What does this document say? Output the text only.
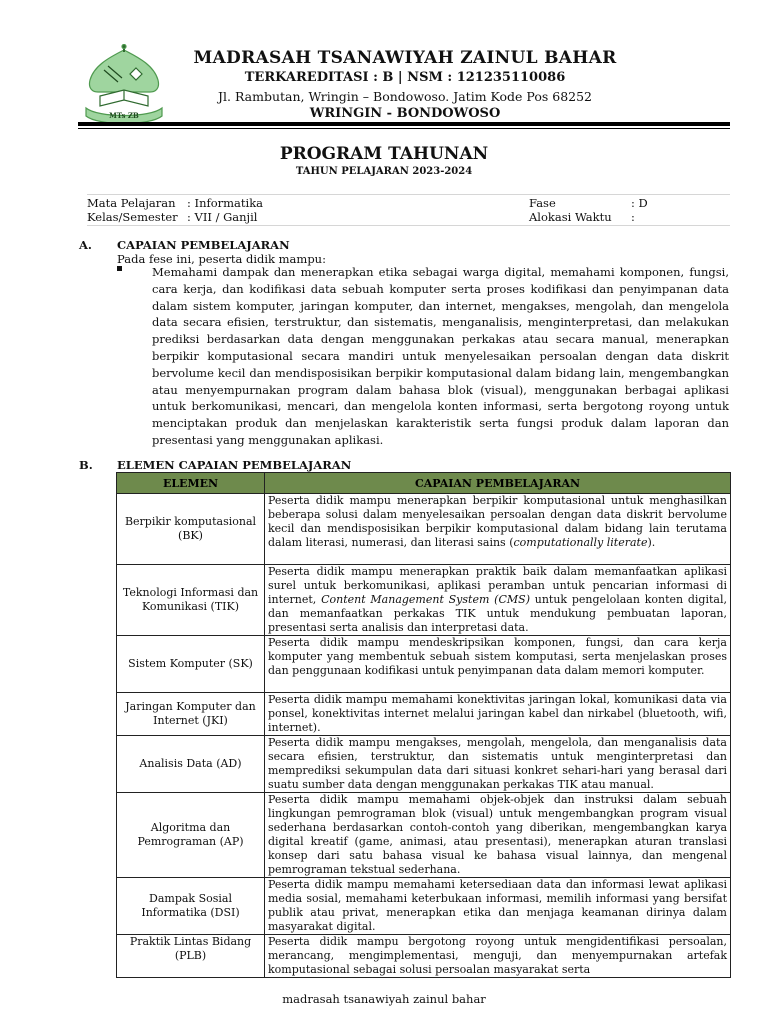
MTs ZB
MADRASAH TSANAWIYAH ZAINUL BAHAR
TERKAREDITASI : B | NSM : 121235110086
Jl. Rambutan, Wringin – Bondowoso. Jatim Kode Pos 68252
WRINGIN - BONDOWOSO
PROGRAM TAHUNAN
TAHUN PELAJARAN 2023-2024
Mata Pelajaran : Informatika	Fase	: D
Kelas/Semester : VII / Ganjil	Alokasi Waktu :
A. CAPAIAN PEMBELAJARAN
Pada fese ini, peserta didik mampu:
Memahami dampak dan menerapkan etika sebagai warga digital, memahami komponen, fungsi, cara kerja, dan kodifikasi data sebuah komputer serta proses kodifikasi dan penyimpanan data dalam sistem komputer, jaringan komputer, dan internet, mengakses, mengolah, dan mengelola data secara efisien, terstruktur, dan sistematis, menganalisis, menginterpretasi, dan melakukan prediksi berdasarkan data dengan menggunakan perkakas atau secara manual, menerapkan berpikir komputasional secara mandiri untuk menyelesaikan persoalan dengan data diskrit bervolume kecil dan mendisposisikan berpikir komputasional dalam bidang lain, mengembangkan atau menyempurnakan program dalam bahasa blok (visual), menggunakan berbagai aplikasi untuk berkomunikasi, mencari, dan mengelola konten informasi, serta bergotong royong untuk menciptakan produk dan menjelaskan karakteristik serta fungsi produk dalam laporan dan presentasi yang menggunakan aplikasi.
B. ELEMEN CAPAIAN PEMBELAJARAN
ELEMEN	CAPAIAN PEMBELAJARAN
Berpikir komputasional (BK)	Peserta didik mampu menerapkan berpikir komputasional untuk menghasilkan beberapa solusi dalam menyelesaikan persoalan dengan data diskrit bervolume kecil dan mendisposisikan berpikir komputasional dalam bidang lain terutama dalam literasi, numerasi, dan literasi sains (computationally literate).
Teknologi Informasi dan Komunikasi (TIK)	Peserta didik mampu menerapkan praktik baik dalam memanfaatkan aplikasi surel untuk berkomunikasi, aplikasi peramban untuk pencarian informasi di internet, Content Management System (CMS) untuk pengelolaan konten digital, dan memanfaatkan perkakas TIK untuk mendukung pembuatan laporan, presentasi serta analisis dan interpretasi data.
Sistem Komputer (SK)	Peserta didik mampu mendeskripsikan komponen, fungsi, dan cara kerja komputer yang membentuk sebuah sistem komputasi, serta menjelaskan proses dan penggunaan kodifikasi untuk penyimpanan data dalam memori komputer.
Jaringan Komputer dan Internet (JKI)	Peserta didik mampu memahami konektivitas jaringan lokal, komunikasi data via ponsel, konektivitas internet melalui jaringan kabel dan nirkabel (bluetooth, wifi, internet).
Analisis Data (AD)	Peserta didik mampu mengakses, mengolah, mengelola, dan menganalisis data secara efisien, terstruktur, dan sistematis untuk menginterpretasi dan memprediksi sekumpulan data dari situasi konkret sehari-hari yang berasal dari suatu sumber data dengan menggunakan perkakas TIK atau manual.
Algoritma dan Pemrograman (AP)	Peserta didik mampu memahami objek-objek dan instruksi dalam sebuah lingkungan pemrograman blok (visual) untuk mengembangkan program visual sederhana berdasarkan contoh-contoh yang diberikan, mengembangkan karya digital kreatif (game, animasi, atau presentasi), menerapkan aturan translasi konsep dari satu bahasa visual ke bahasa visual lainnya, dan mengenal pemrograman tekstual sederhana.
Dampak Sosial Informatika (DSI)	Peserta didik mampu memahami ketersediaan data dan informasi lewat aplikasi media sosial, memahami keterbukaan informasi, memilih informasi yang bersifat publik atau privat, menerapkan etika dan menjaga keamanan dirinya dalam masyarakat digital.
Praktik Lintas Bidang (PLB)	Peserta didik mampu bergotong royong untuk mengidentifikasi persoalan, merancang, mengimplementasi, menguji, dan menyempurnakan artefak komputasional sebagai solusi persoalan masyarakat serta
madrasah tsanawiyah zainul bahar
